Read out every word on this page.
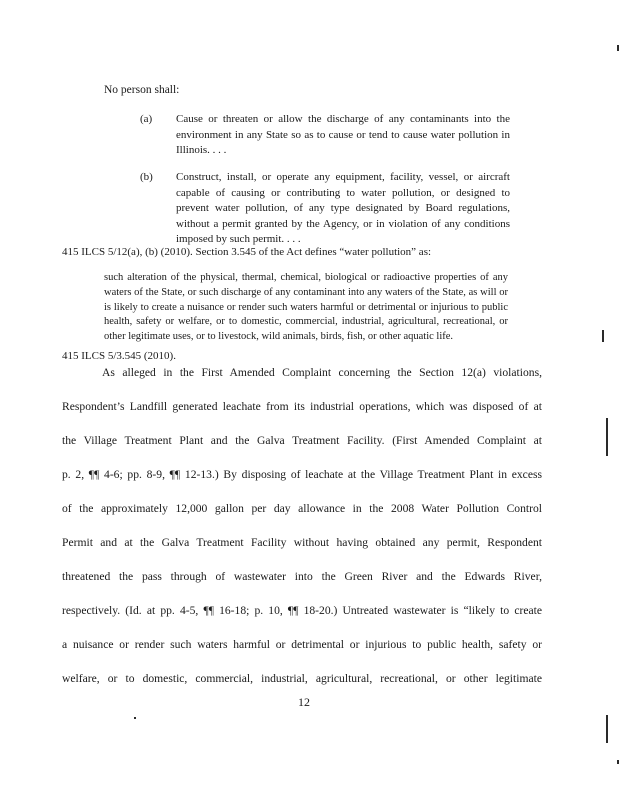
No person shall:

(a) Cause or threaten or allow the discharge of any contaminants into the environment in any State so as to cause or tend to cause water pollution in Illinois. . . .
(b) Construct, install, or operate any equipment, facility, vessel, or aircraft capable of causing or contributing to water pollution, or designed to prevent water pollution, of any type designated by Board regulations, without a permit granted by the Agency, or in violation of any conditions imposed by such permit. . . .

415 ILCS 5/12(a), (b) (2010). Section 3.545 of the Act defines “water pollution” as:

such alteration of the physical, thermal, chemical, biological or radioactive properties of any waters of the State, or such discharge of any contaminant into any waters of the State, as will or is likely to create a nuisance or render such waters harmful or detrimental or injurious to public health, safety or welfare, or to domestic, commercial, industrial, agricultural, recreational, or other legitimate uses, or to livestock, wild animals, birds, fish, or other aquatic life.

415 ILCS 5/3.545 (2010).

As alleged in the First Amended Complaint concerning the Section 12(a) violations,
Respondent’s Landfill generated leachate from its industrial operations, which was disposed of at
the Village Treatment Plant and the Galva Treatment Facility. (First Amended Complaint at
p. 2, ¶¶ 4-6; pp. 8-9, ¶¶ 12-13.) By disposing of leachate at the Village Treatment Plant in excess
of the approximately 12,000 gallon per day allowance in the 2008 Water Pollution Control
Permit and at the Galva Treatment Facility without having obtained any permit, Respondent
threatened the pass through of wastewater into the Green River and the Edwards River,
respectively. (Id. at pp. 4-5, ¶¶ 16-18; p. 10, ¶¶ 18-20.) Untreated wastewater is “likely to create
a nuisance or render such waters harmful or detrimental or injurious to public health, safety or
welfare, or to domestic, commercial, industrial, agricultural, recreational, or other legitimate

12
